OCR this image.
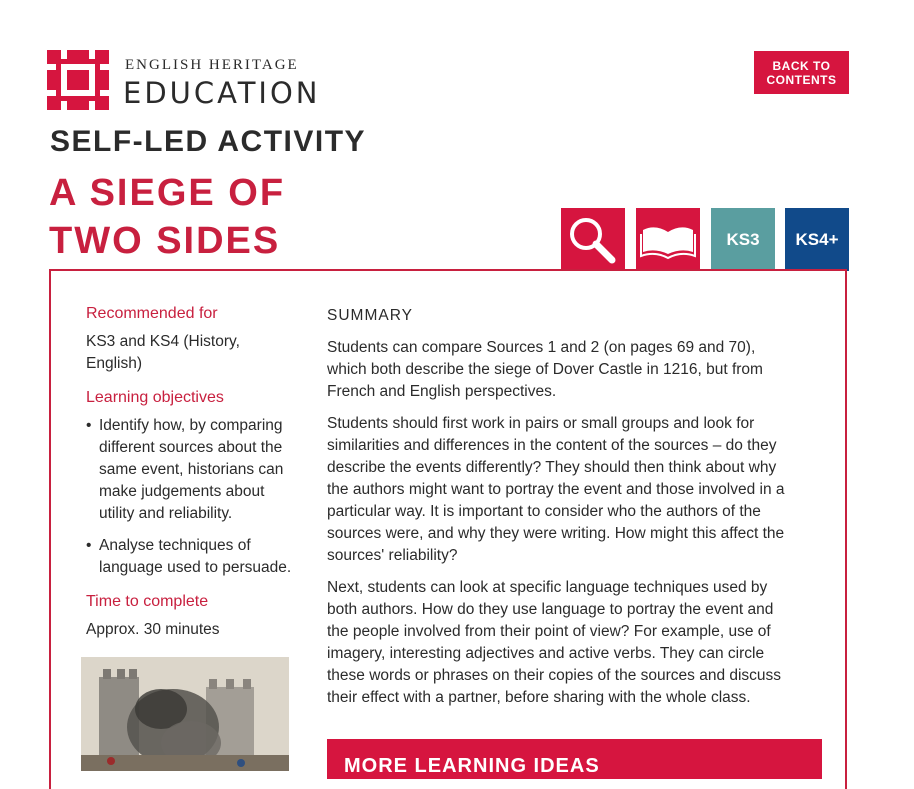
ENGLISH HERITAGE
EDUCATION
BACK TO
CONTENTS
SELF-LED ACTIVITY
A SIEGE OF
TWO SIDES	KS3	KS4+

Recommended for

KS3 and KS4 (History, English)

Learning objectives

• Identify how, by comparing different sources about the same event, historians can make judgements about utility and reliability.
• Analyse techniques of language used to persuade.

Time to complete

Approx. 30 minutes

SUMMARY

Students can compare Sources 1 and 2 (on pages 69 and 70), which both describe the siege of Dover Castle in 1216, but from French and English perspectives.

Students should first work in pairs or small groups and look for similarities and differences in the content of the sources – do they describe the events differently? They should then think about why the authors might want to portray the event and those involved in a particular way. It is important to consider who the authors of the sources were, and why they were writing. How might this affect the sources' reliability?

Next, students can look at specific language techniques used by both authors. How do they use language to portray the event and the people involved from their point of view? For example, use of imagery, interesting adjectives and active verbs. They can circle these words or phrases on their copies of the sources and discuss their effect with a partner, before sharing with the whole class.

MORE LEARNING IDEAS
